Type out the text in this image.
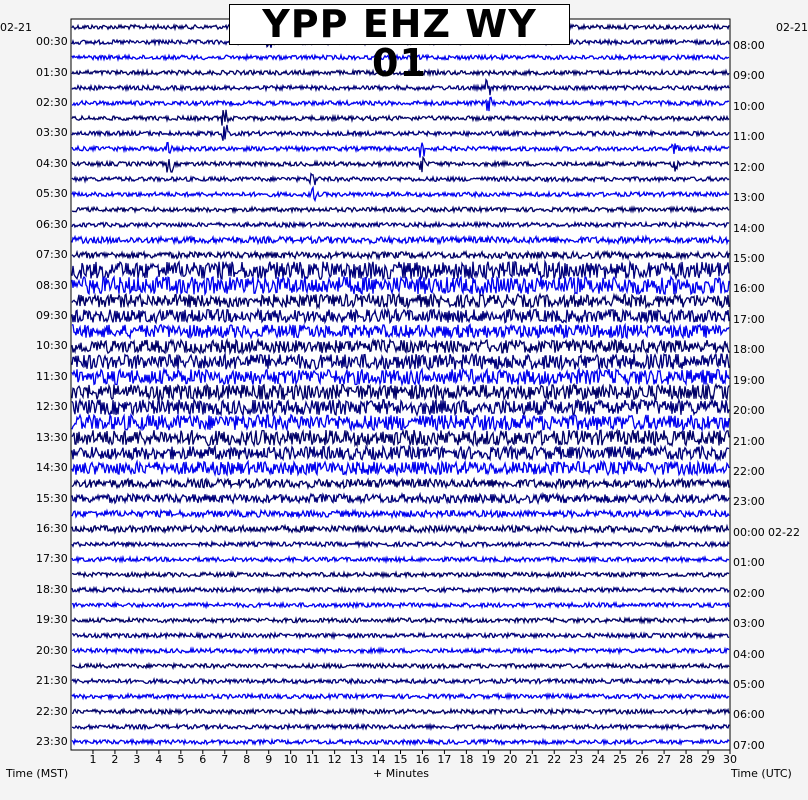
YPP EHZ WY 01
02-21	02-21
00:30
01:30
02:30
03:30
04:30
05:30
06:30
07:30
08:30
09:30
10:30
11:30
12:30
13:30
14:30
15:30
16:30
17:30
18:30
19:30
20:30
21:30
22:30
23:30
08:00
09:00
10:00
11:00
12:00
13:00
14:00
15:00
16:00
17:00
18:00
19:00
20:00
21:00
22:00
23:00
00:00 02-22
01:00
02:00
03:00
04:00
05:00
06:00
07:00
1	2	3	4	5	6	7	8	9	10 11 12 13 14 15 16 17 18 19 20 21 22 23 24 25 26 27 28 29 30
Time (MST)	+ Minutes	Time (UTC)
